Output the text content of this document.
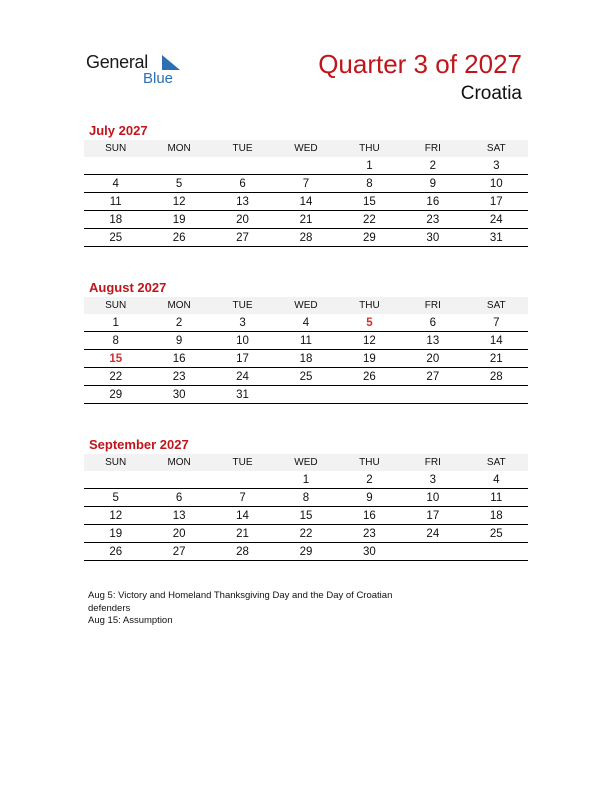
General
Blue	Quarter 3 of 2027
Croatia
July 2027
SUN	MON	TUE	WED	THU	FRI	SAT
				1	2	3
4	5	6	7	8	9	10
11	12	13	14	15	16	17
18	19	20	21	22	23	24
25	26	27	28	29	30	31
August 2027
SUN	MON	TUE	WED	THU	FRI	SAT
1	2	3	4	5	6	7
8	9	10	11	12	13	14
15	16	17	18	19	20	21
22	23	24	25	26	27	28
29	30	31				
September 2027
SUN	MON	TUE	WED	THU	FRI	SAT
			1	2	3	4
5	6	7	8	9	10	11
12	13	14	15	16	17	18
19	20	21	22	23	24	25
26	27	28	29	30		
Aug 5: Victory and Homeland Thanksgiving Day and the Day of Croatian defenders
Aug 15: Assumption
